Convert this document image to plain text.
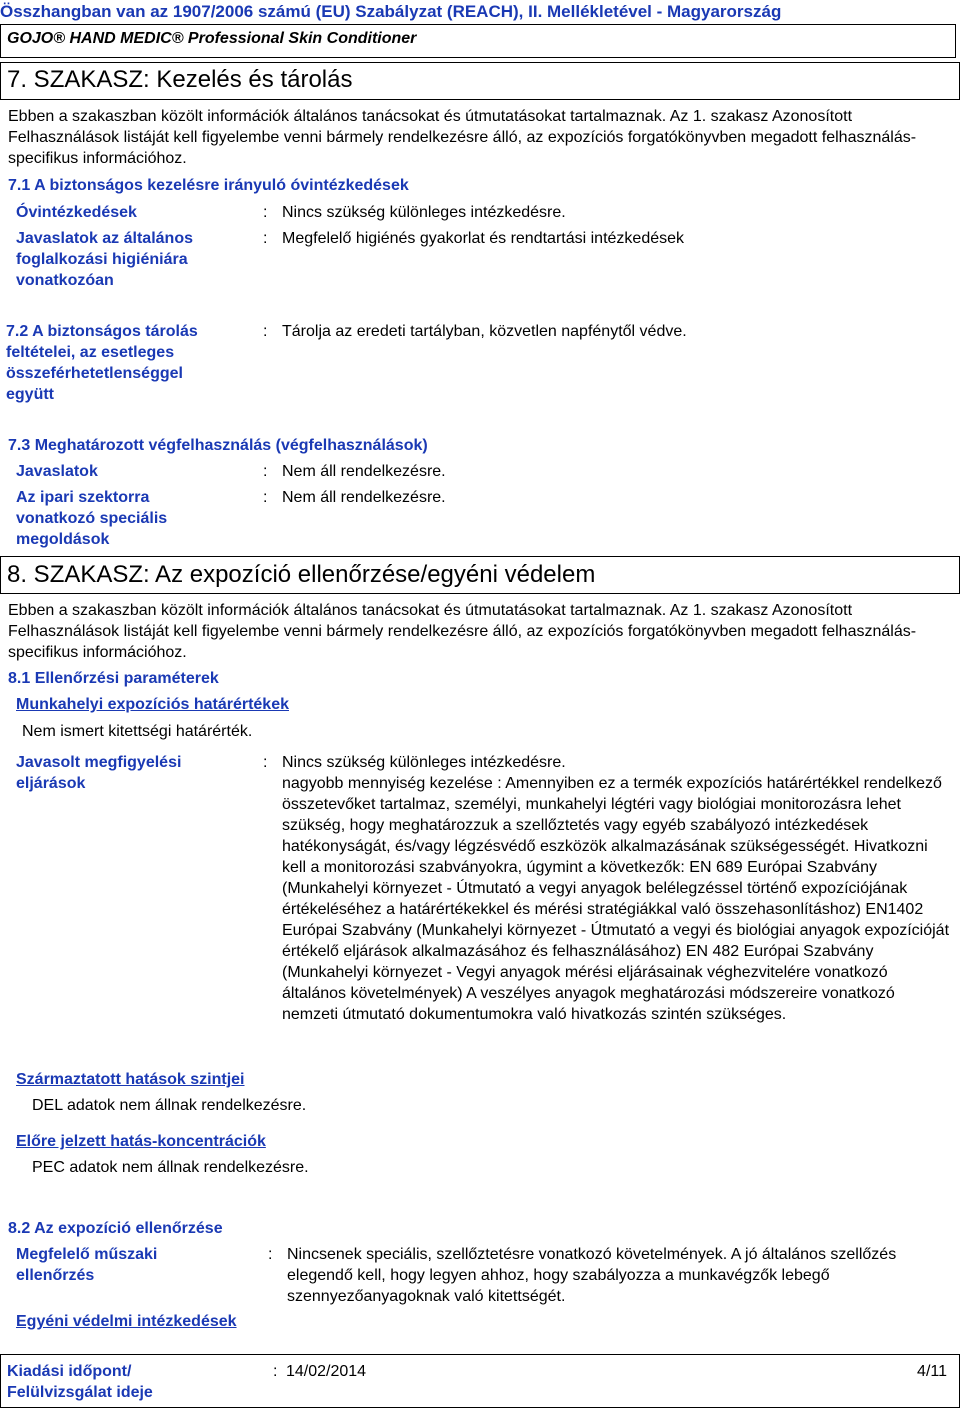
Összhangban van az 1907/2006 számú (EU) Szabályzat (REACH), II. Mellékletével - Magyarország
GOJO® HAND MEDIC® Professional Skin Conditioner
7. SZAKASZ: Kezelés és tárolás
Ebben a szakaszban közölt információk általános tanácsokat és útmutatásokat tartalmaznak. Az 1. szakasz Azonosított Felhasználások listáját kell figyelembe venni bármely rendelkezésre álló, az expozíciós forgatókönyvben megadott felhasználás-specifikus információhoz.
7.1 A biztonságos kezelésre irányuló óvintézkedések
Óvintézkedések	: Nincs szükség különleges intézkedésre.
Javaslatok az általános foglalkozási higiéniára vonatkozóan
: Megfelelő higiénés gyakorlat és rendtartási intézkedések
7.2 A biztonságos tárolás feltételei, az esetleges összeférhetetlenséggel együtt
: Tárolja az eredeti tartályban, közvetlen napfénytől védve.
7.3 Meghatározott végfelhasználás (végfelhasználások)
Javaslatok	: Nem áll rendelkezésre.
Az ipari szektorra vonatkozó speciális megoldások
: Nem áll rendelkezésre.
8. SZAKASZ: Az expozíció ellenőrzése/egyéni védelem
Ebben a szakaszban közölt információk általános tanácsokat és útmutatásokat tartalmaznak. Az 1. szakasz Azonosított Felhasználások listáját kell figyelembe venni bármely rendelkezésre álló, az expozíciós forgatókönyvben megadott felhasználás-specifikus információhoz.
8.1 Ellenőrzési paraméterek
Munkahelyi expozíciós határértékek
Nem ismert kitettségi határérték.
Javasolt megfigyelési eljárások
: Nincs szükség különleges intézkedésre.
nagyobb mennyiség kezelése : Amennyiben ez a termék expozíciós határértékkel rendelkező összetevőket tartalmaz, személyi, munkahelyi légtéri vagy biológiai monitorozásra lehet szükség, hogy meghatározzuk a szellőztetés vagy egyéb szabályozó intézkedések hatékonyságát, és/vagy légzésvédő eszközök alkalmazásának szükségességét. Hivatkozni kell a monitorozási szabványokra, úgymint a következők: EN 689 Európai Szabvány (Munkahelyi környezet - Útmutató a vegyi anyagok belélegzéssel történő expozíciójának értékeléséhez a határértékekkel és mérési stratégiákkal való összehasonlításhoz) EN1402 Európai Szabvány (Munkahelyi környezet - Útmutató a vegyi és biológiai anyagok expozícióját értékelő eljárások alkalmazásához és felhasználásához) EN 482 Európai Szabvány (Munkahelyi környezet - Vegyi anyagok mérési eljárásainak véghezvitelére vonatkozó általános követelmények) A veszélyes anyagok meghatározási módszereire vonatkozó nemzeti útmutató dokumentumokra való hivatkozás szintén szükséges.
Származtatott hatások szintjei
DEL adatok nem állnak rendelkezésre.
Előre jelzett hatás-koncentrációk
PEC adatok nem állnak rendelkezésre.
8.2 Az expozíció ellenőrzése
Megfelelő műszaki ellenőrzés
: Nincsenek speciális, szellőztetésre vonatkozó követelmények. A jó általános szellőzés elegendő kell, hogy legyen ahhoz, hogy szabályozza a munkavégzők lebegő szennyezőanyagoknak való kitettségét.
Egyéni védelmi intézkedések
Kiadási időpont/ Felülvizsgálat ideje
: 14/02/2014	4/11
